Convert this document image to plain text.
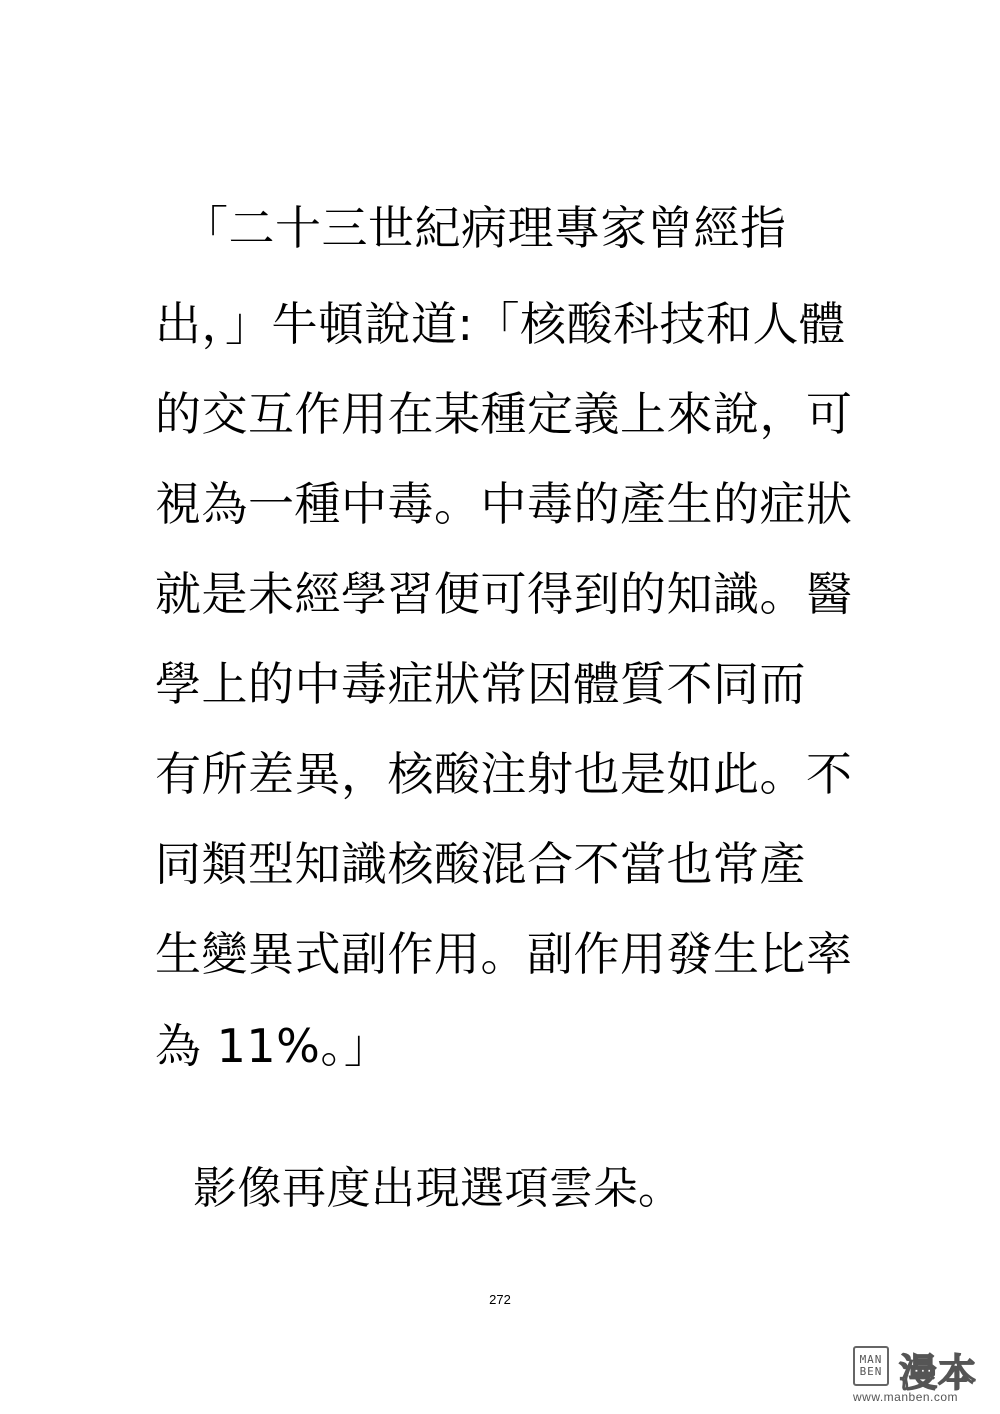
「二十三世紀病理專家曾經指
出，」牛頓說道:「核酸科技和人體
的交互作用在某種定義上來說，可
視為一種中毒。中毒的產生的症狀
就是未經學習便可得到的知識。醫
學上的中毒症狀常因體質不同而
有所差異，核酸注射也是如此。不
同類型知識核酸混合不當也常產
生變異式副作用。副作用發生比率
為 11%。」
影像再度出現選項雲朵。
272
MAN BEN 漫本
www.manben.com
